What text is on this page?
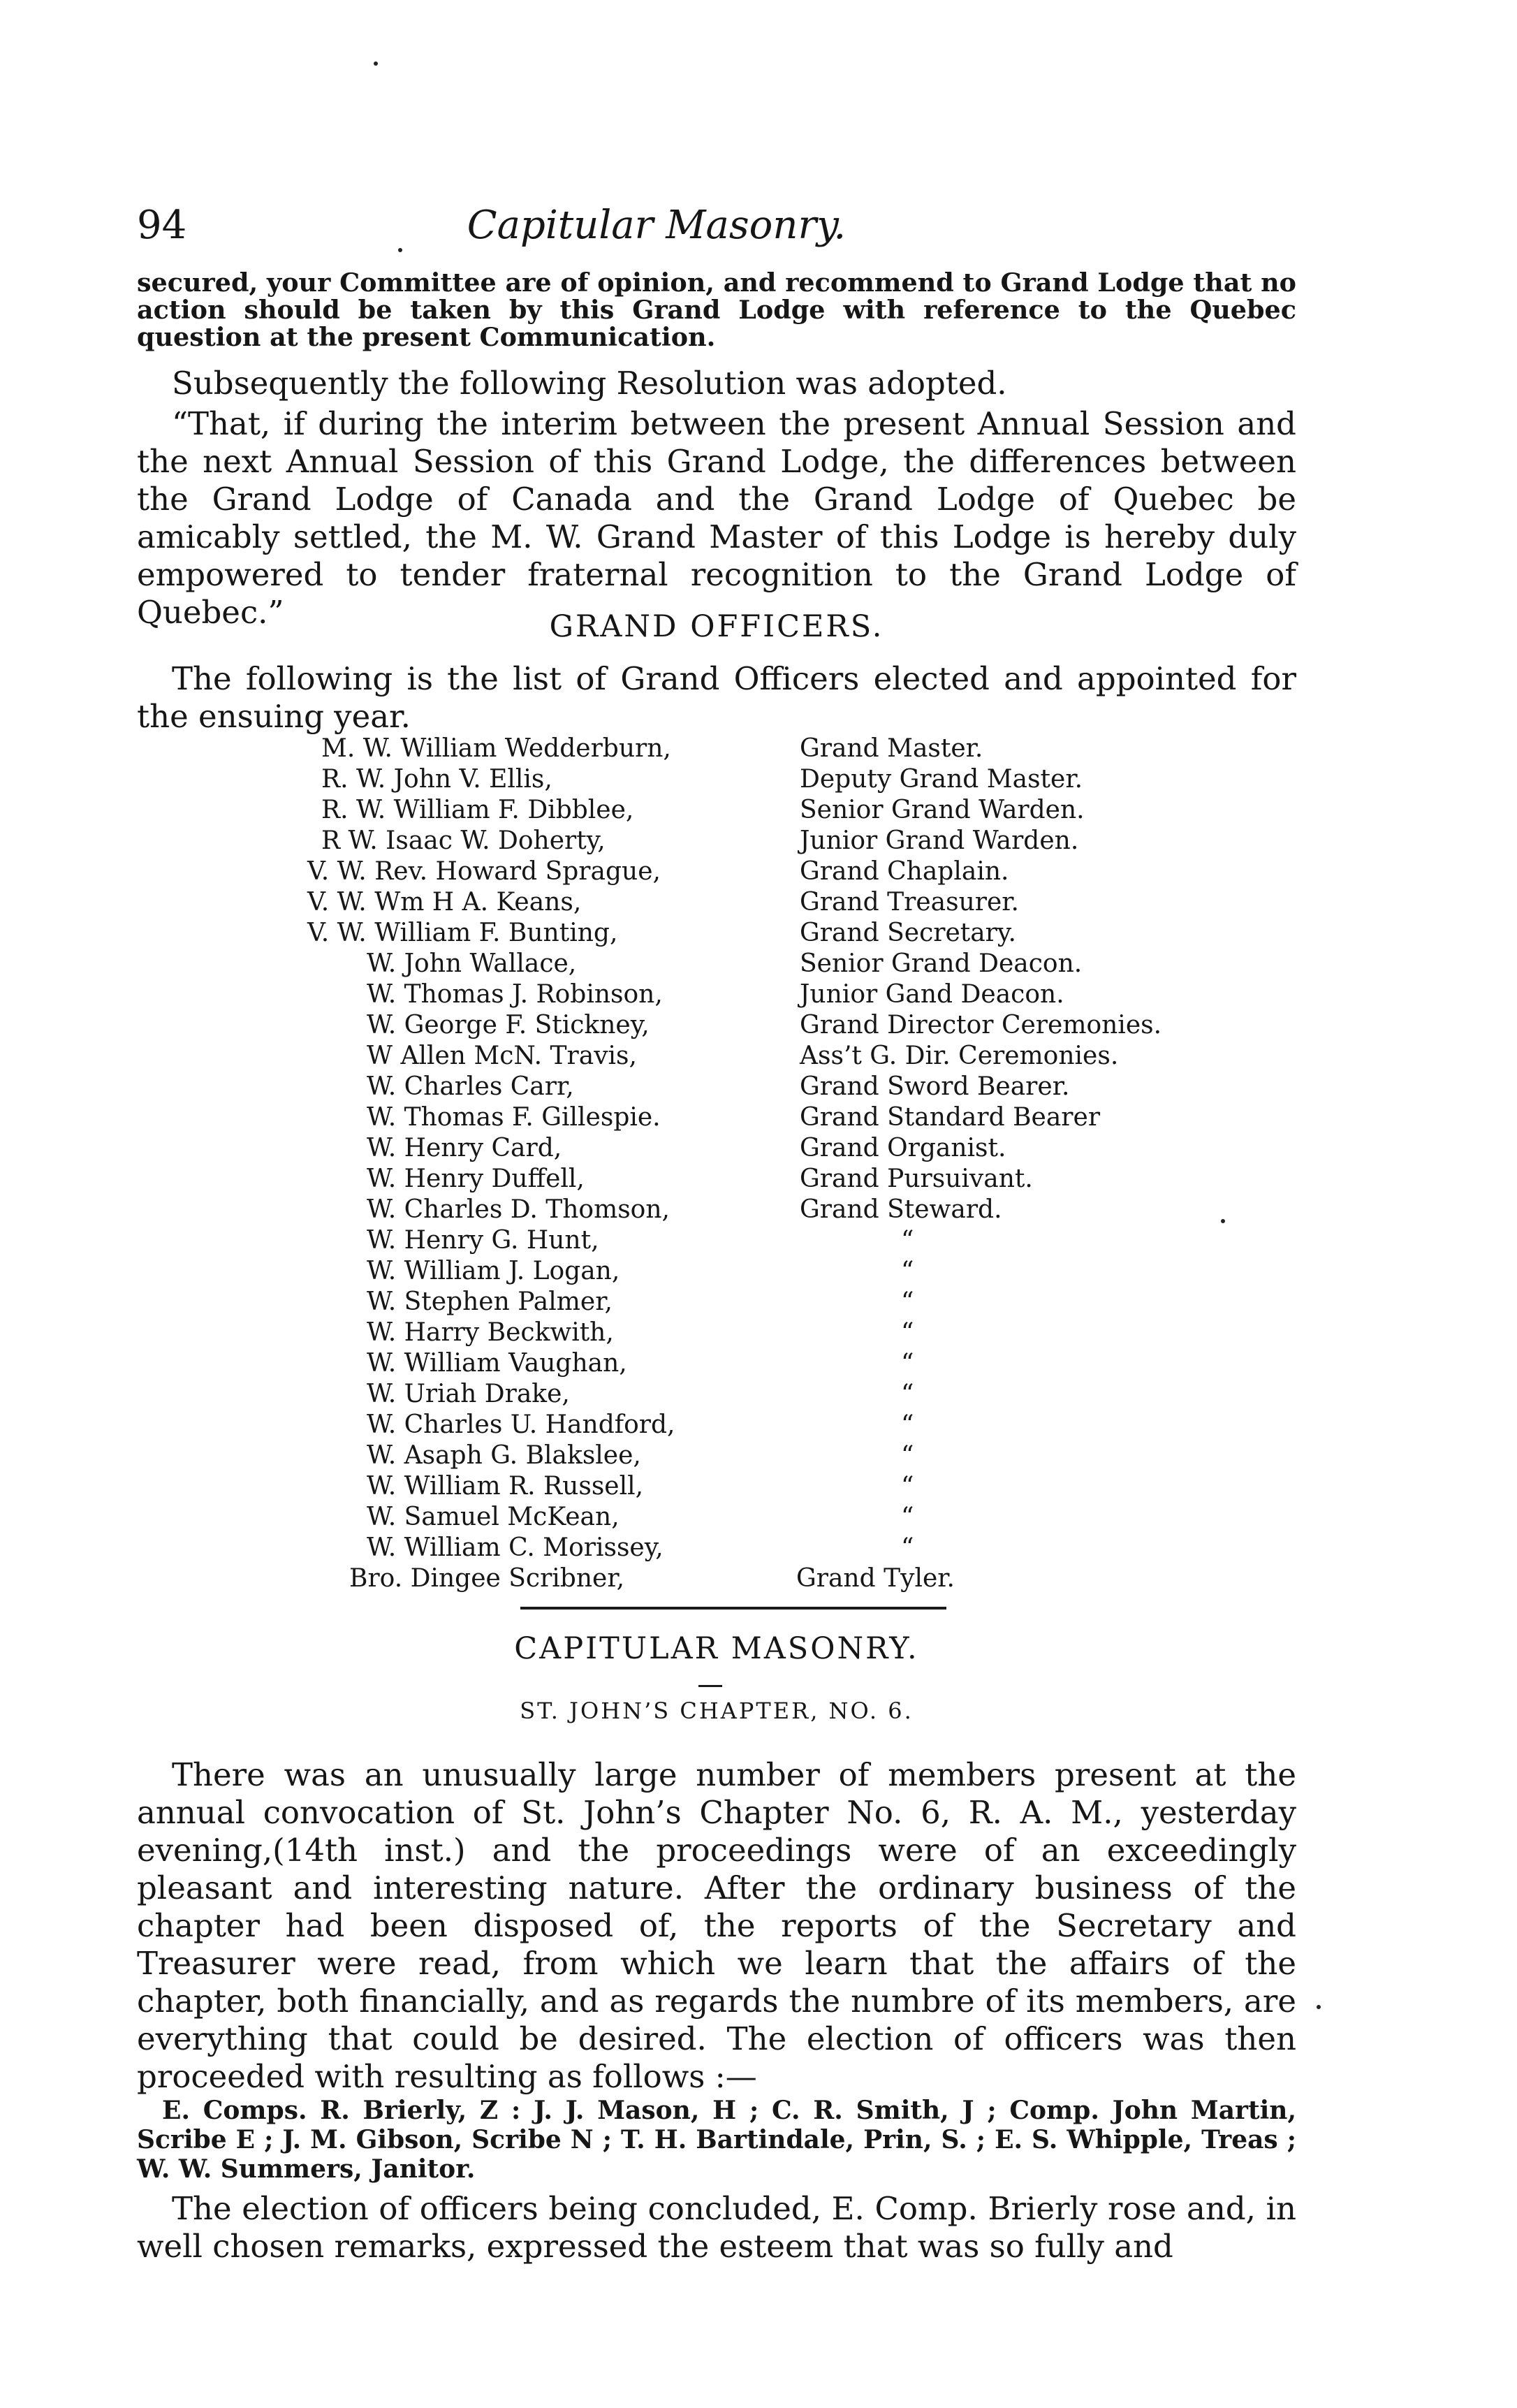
94	Capitular Masonry.
secured, your Committee are of opinion, and recommend to Grand Lodge that no action should be taken by this Grand Lodge with reference to the Quebec question at the present Communication.
Subsequently the following Resolution was adopted.
“That, if during the interim between the present Annual Session and the next Annual Session of this Grand Lodge, the differences between the Grand Lodge of Canada and the Grand Lodge of Quebec be amicably settled, the M. W. Grand Master of this Lodge is hereby duly empowered to tender fraternal recognition to the Grand Lodge of Quebec.”	GRAND OFFICERS.
The following is the list of Grand Officers elected and appointed for the ensuing year.
M. W. William Wedderburn,	Grand Master.
R. W. John V. Ellis,	Deputy Grand Master.
R. W. William F. Dibblee,	Senior Grand Warden.
R W. Isaac W. Doherty,	Junior Grand Warden.
V. W. Rev. Howard Sprague,	Grand Chaplain.
V. W. Wm H A. Keans,	Grand Treasurer.
V. W. William F. Bunting,	Grand Secretary.
W. John Wallace,	Senior Grand Deacon.
W. Thomas J. Robinson,	Junior Gand Deacon.
W. George F. Stickney,	Grand Director Ceremonies.
W Allen McN. Travis,	Ass’t G. Dir. Ceremonies.
W. Charles Carr,	Grand Sword Bearer.
W. Thomas F. Gillespie.	Grand Standard Bearer
W. Henry Card,	Grand Organist.
W. Henry Duffell,	Grand Pursuivant.
W. Charles D. Thomson,	Grand Steward.
W. Henry G. Hunt,	“
W. William J. Logan,	“
W. Stephen Palmer,	“
W. Harry Beckwith,	“
W. William Vaughan,	“
W. Uriah Drake,	“
W. Charles U. Handford,	“
W. Asaph G. Blakslee,	“
W. William R. Russell,	“
W. Samuel McKean,	“
W. William C. Morissey,	“
Bro. Dingee Scribner,	Grand Tyler.
CAPITULAR MASONRY.
ST. JOHN’S CHAPTER, NO. 6.
There was an unusually large number of members present at the annual convocation of St. John’s Chapter No. 6, R. A. M., yesterday evening,(14th inst.) and the proceedings were of an exceedingly pleasant and interesting nature. After the ordinary business of the chapter had been disposed of, the reports of the Secretary and Treasurer were read, from which we learn that the affairs of the chapter, both financially, and as regards the numbre of its members, are everything that could be desired. The election of officers was then proceeded with resulting as follows :—
E. Comps. R. Brierly, Z : J. J. Mason, H ; C. R. Smith, J ; Comp. John Martin, Scribe E ; J. M. Gibson, Scribe N ; T. H. Bartindale, Prin, S. ; E. S. Whipple, Treas ; W. W. Summers, Janitor.
The election of officers being concluded, E. Comp. Brierly rose and, in well chosen remarks, expressed the esteem that was so fully and
